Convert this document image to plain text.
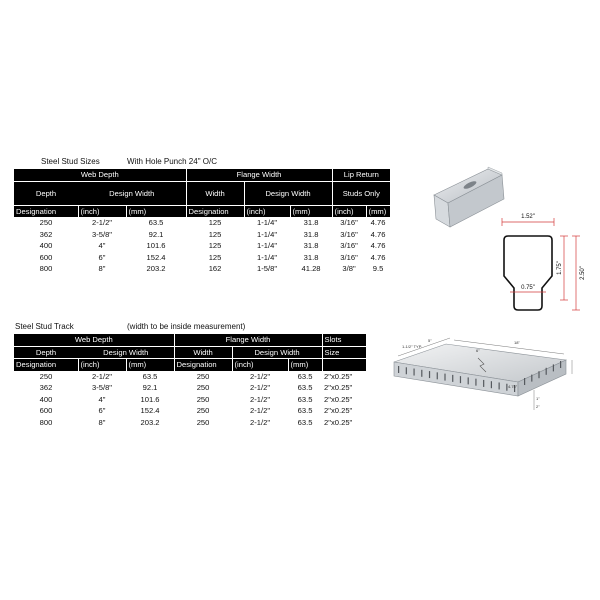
Steel Stud Sizes	With Hole Punch 24" O/C
Web Depth			Flange Width			Lip Return	
Depth	Design Width		Width	Design Width		Studs Only	
Designation	(inch)	(mm)	Designation	(inch)	(mm)	(inch)	(mm)
250	2-1/2"	63.5	125	1-1/4"	31.8	3/16"	4.76
362	3-5/8"	92.1	125	1-1/4"	31.8	3/16"	4.76
400	4"	101.6	125	1-1/4"	31.8	3/16"	4.76
600	6"	152.4	125	1-1/4"	31.8	3/16"	4.76
800	8"	203.2	162	1-5/8"	41.28	3/8"	9.5
Steel Stud Track	(width to be inside measurement)
Web Depth			Flange Width			Slots
Depth	Design Width		Width	Design Width		Size
Designation	(inch)	(mm)	Designation	(inch)	(mm)	
250	2-1/2"	63.5	250	2-1/2"	63.5	2"x0.25"
362	3-5/8"	92.1	250	2-1/2"	63.5	2"x0.25"
400	4"	101.6	250	2-1/2"	63.5	2"x0.25"
600	6"	152.4	250	2-1/2"	63.5	2"x0.25"
800	8"	203.2	250	2-1/2"	63.5	2"x0.25"
1.52"
0.75"
1.75"	2.50"
1-1/2" TYP.
5"	18"
6"
4.75"
1"
2"
